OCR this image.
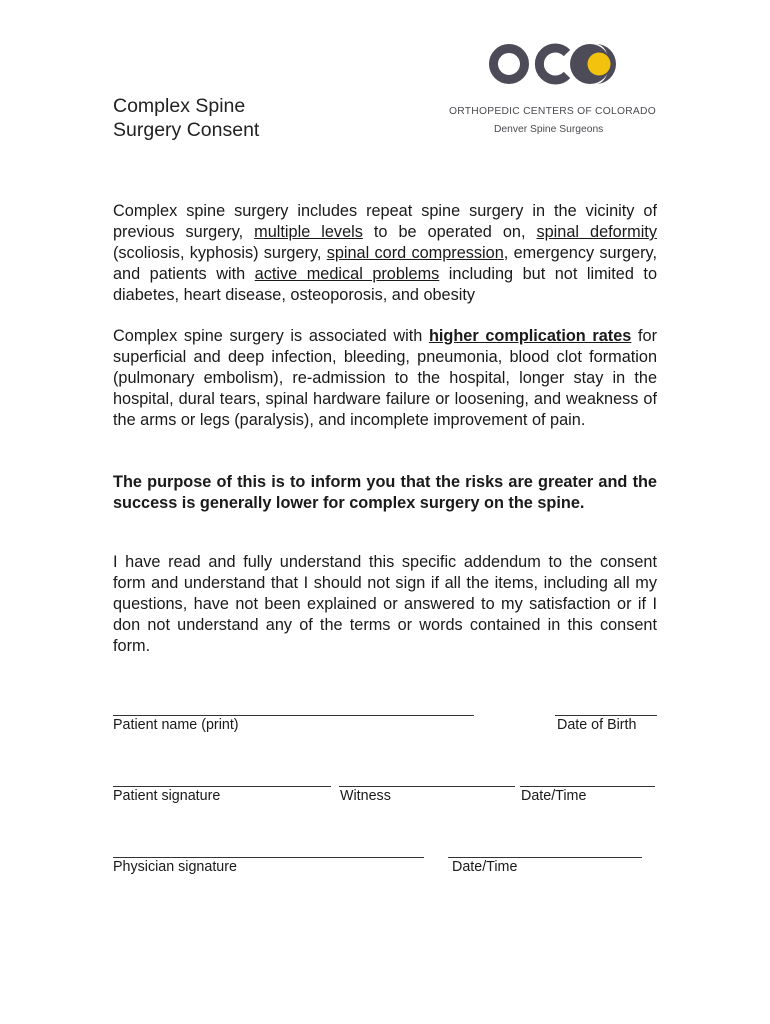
Complex Spine
Surgery Consent
ORTHOPEDIC CENTERS OF COLORADO
Denver Spine Surgeons

Complex spine surgery includes repeat spine surgery in the vicinity of previous surgery, multiple levels to be operated on, spinal deformity (scoliosis, kyphosis) surgery, spinal cord compression, emergency surgery, and patients with active medical problems including but not limited to diabetes, heart disease, osteoporosis, and obesity

Complex spine surgery is associated with higher complication rates for superficial and deep infection, bleeding, pneumonia, blood clot formation (pulmonary embolism), re-admission to the hospital, longer stay in the hospital, dural tears, spinal hardware failure or loosening, and weakness of the arms or legs (paralysis), and incomplete improvement of pain.

The purpose of this is to inform you that the risks are greater and the success is generally lower for complex surgery on the spine.

I have read and fully understand this specific addendum to the consent form and understand that I should not sign if all the items, including all my questions, have not been explained or answered to my satisfaction or if I don not understand any of the terms or words contained in this consent form.

Patient name (print)	Date of Birth
Patient signature	Witness	Date/Time
Physician signature	Date/Time
